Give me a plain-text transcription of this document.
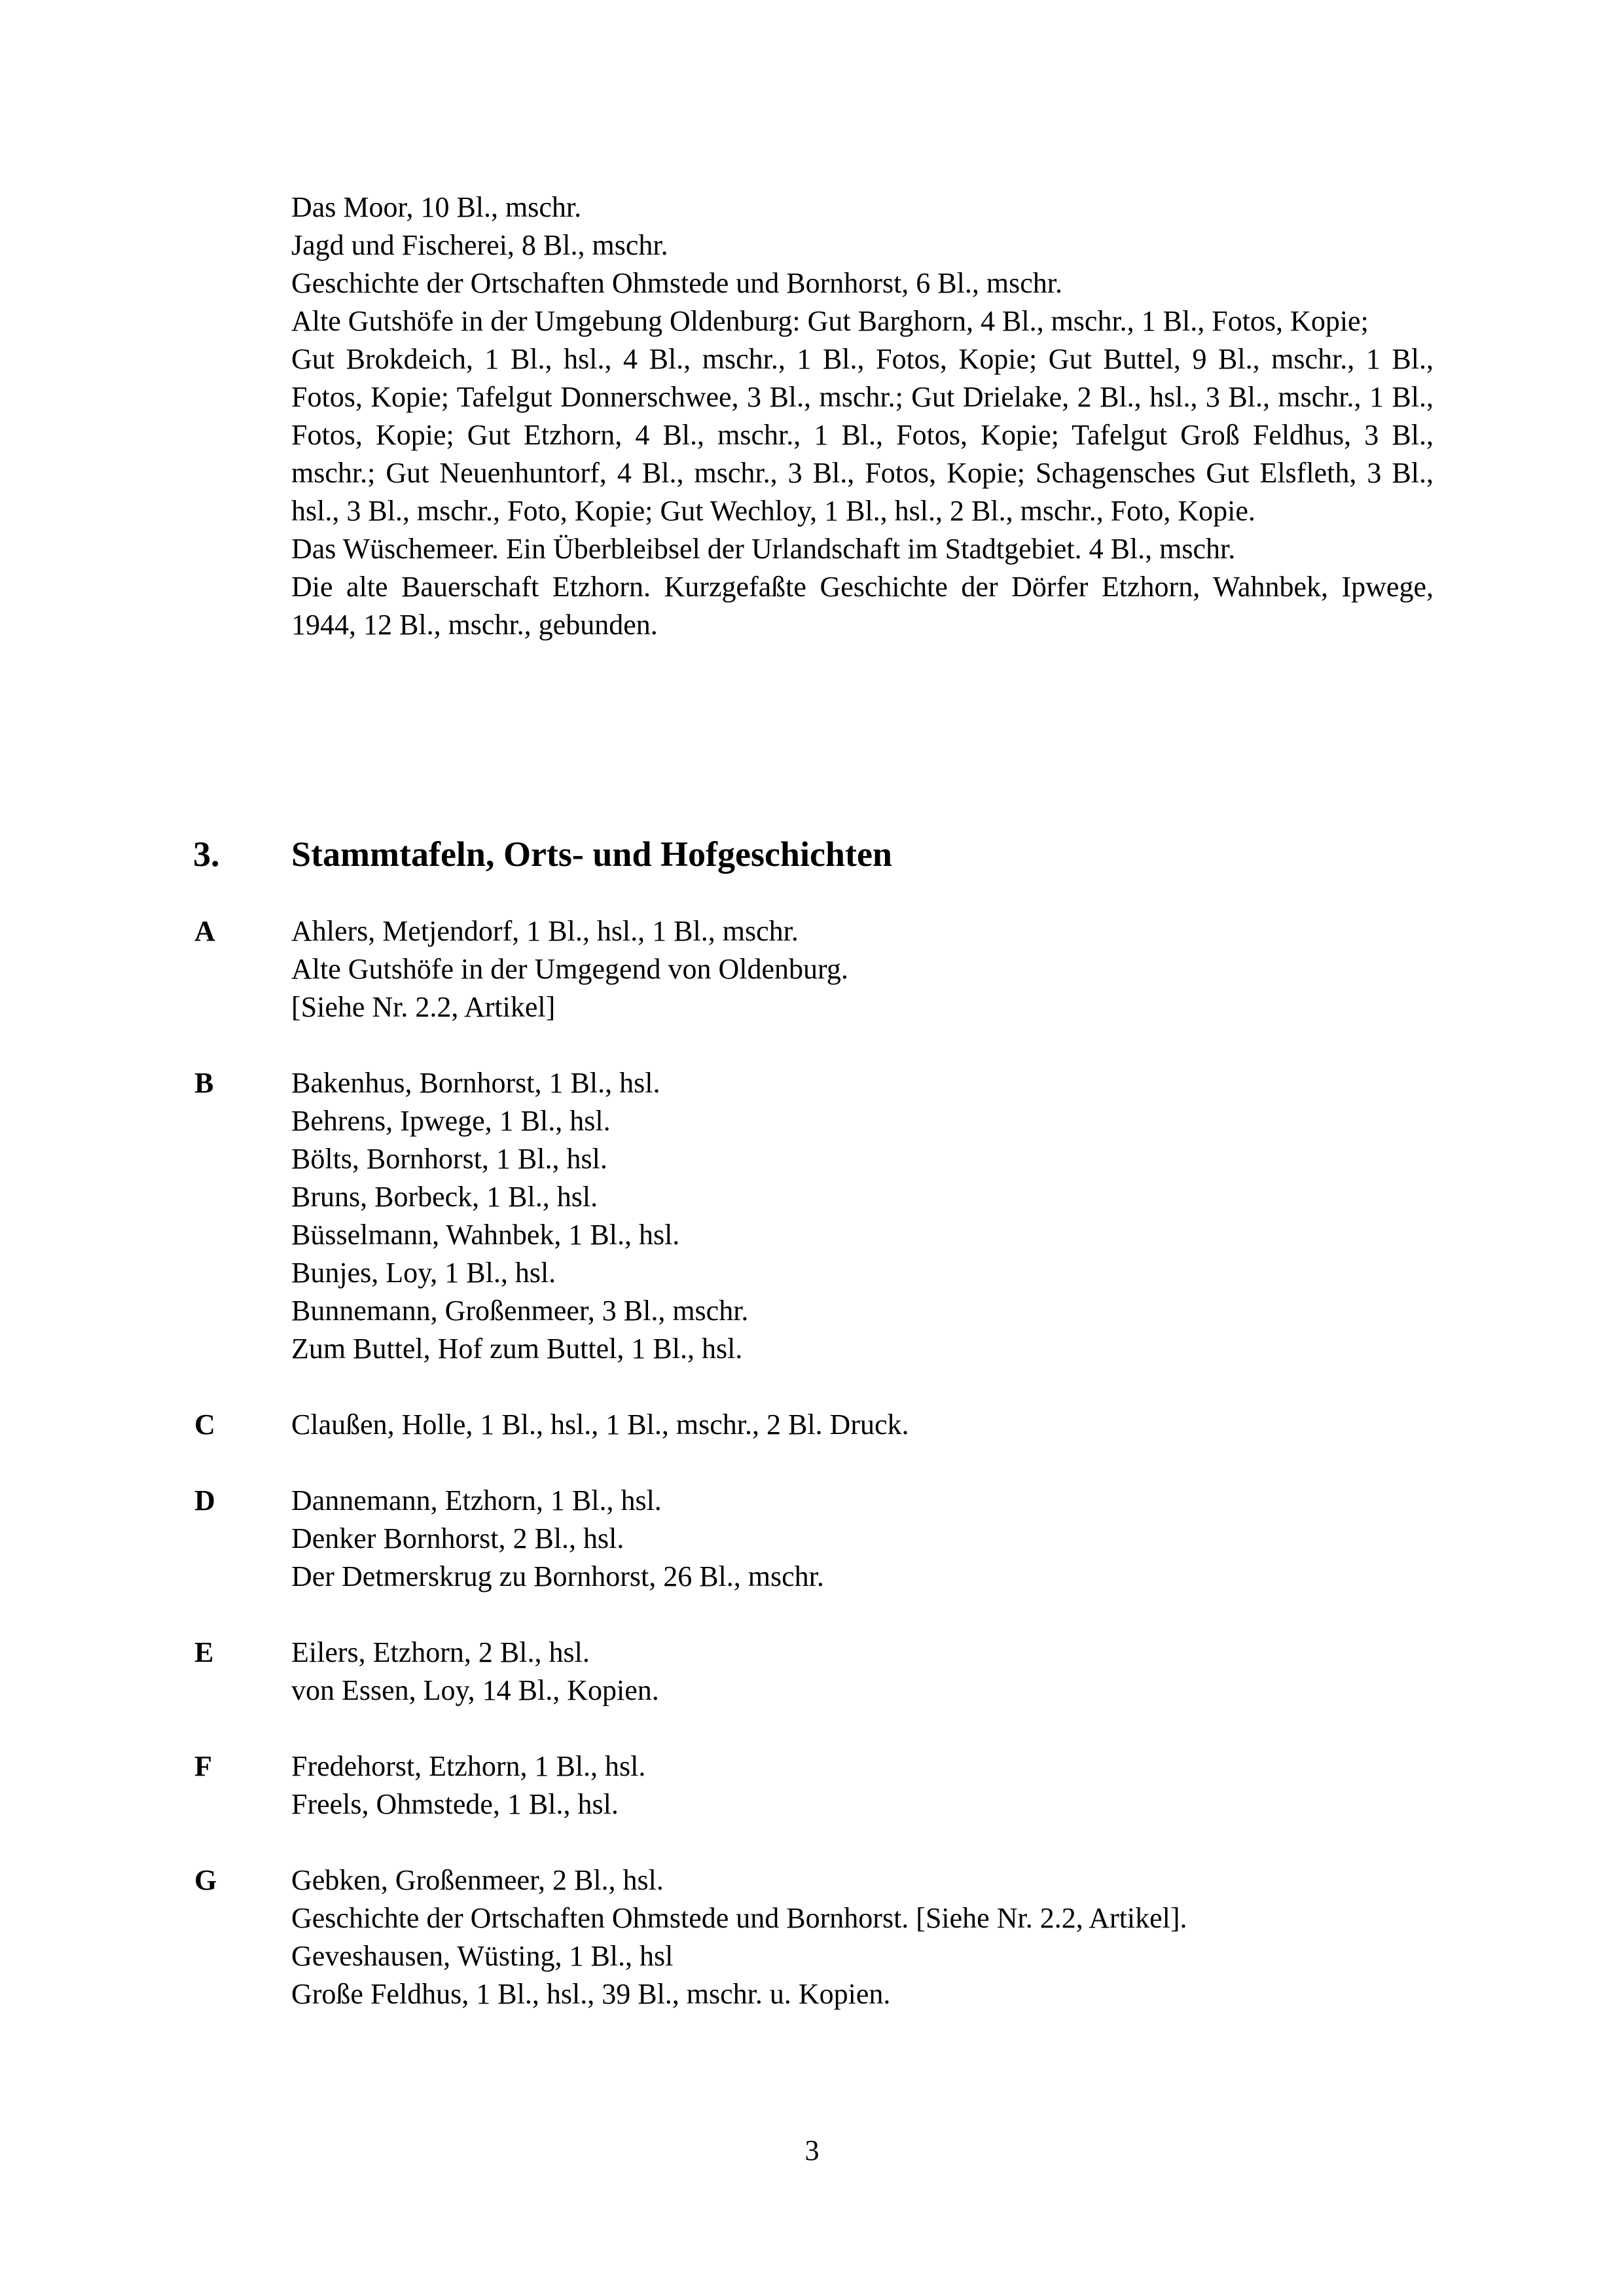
Das Moor, 10 Bl., mschr.

Jagd und Fischerei, 8 Bl., mschr.

Geschichte der Ortschaften Ohmstede und Bornhorst, 6 Bl., mschr.

Alte Gutshöfe in der Umgebung Oldenburg: Gut Barghorn, 4 Bl., mschr., 1 Bl., Fotos, Kopie;

Gut Brokdeich, 1 Bl., hsl., 4 Bl., mschr., 1 Bl., Fotos, Kopie; Gut Buttel, 9 Bl., mschr., 1 Bl., Fotos, Kopie; Tafelgut Donnerschwee, 3 Bl., mschr.; Gut Drielake, 2 Bl., hsl., 3 Bl., mschr., 1 Bl., Fotos, Kopie; Gut Etzhorn, 4 Bl., mschr., 1 Bl., Fotos, Kopie; Tafelgut Groß Feldhus, 3 Bl., mschr.; Gut Neuenhuntorf, 4 Bl., mschr., 3 Bl., Fotos, Kopie; Schagensches Gut Elsfleth, 3 Bl., hsl., 3 Bl., mschr., Foto, Kopie; Gut Wechloy, 1 Bl., hsl., 2 Bl., mschr., Foto, Kopie.

Das Wüschemeer. Ein Überbleibsel der Urlandschaft im Stadtgebiet. 4 Bl., mschr.

Die alte Bauerschaft Etzhorn. Kurzgefaßte Geschichte der Dörfer Etzhorn, Wahnbek, Ipwege, 1944, 12 Bl., mschr., gebunden.

3. Stammtafeln, Orts- und Hofgeschichten
A	Ahlers, Metjendorf, 1 Bl., hsl., 1 Bl., mschr.
Alte Gutshöfe in der Umgegend von Oldenburg.
[Siehe Nr. 2.2, Artikel]
B	Bakenhus, Bornhorst, 1 Bl., hsl.
Behrens, Ipwege, 1 Bl., hsl.
Bölts, Bornhorst, 1 Bl., hsl.
Bruns, Borbeck, 1 Bl., hsl.
Büsselmann, Wahnbek, 1 Bl., hsl.
Bunjes, Loy, 1 Bl., hsl.
Bunnemann, Großenmeer, 3 Bl., mschr.
Zum Buttel, Hof zum Buttel, 1 Bl., hsl.
C	Claußen, Holle, 1 Bl., hsl., 1 Bl., mschr., 2 Bl. Druck.
D	Dannemann, Etzhorn, 1 Bl., hsl.
Denker Bornhorst, 2 Bl., hsl.
Der Detmerskrug zu Bornhorst, 26 Bl., mschr.
E	Eilers, Etzhorn, 2 Bl., hsl.
von Essen, Loy, 14 Bl., Kopien.
F	Fredehorst, Etzhorn, 1 Bl., hsl.
Freels, Ohmstede, 1 Bl., hsl.
G	Gebken, Großenmeer, 2 Bl., hsl.
Geschichte der Ortschaften Ohmstede und Bornhorst. [Siehe Nr. 2.2, Artikel].
Geveshausen, Wüsting, 1 Bl., hsl
Große Feldhus, 1 Bl., hsl., 39 Bl., mschr. u. Kopien.
3
